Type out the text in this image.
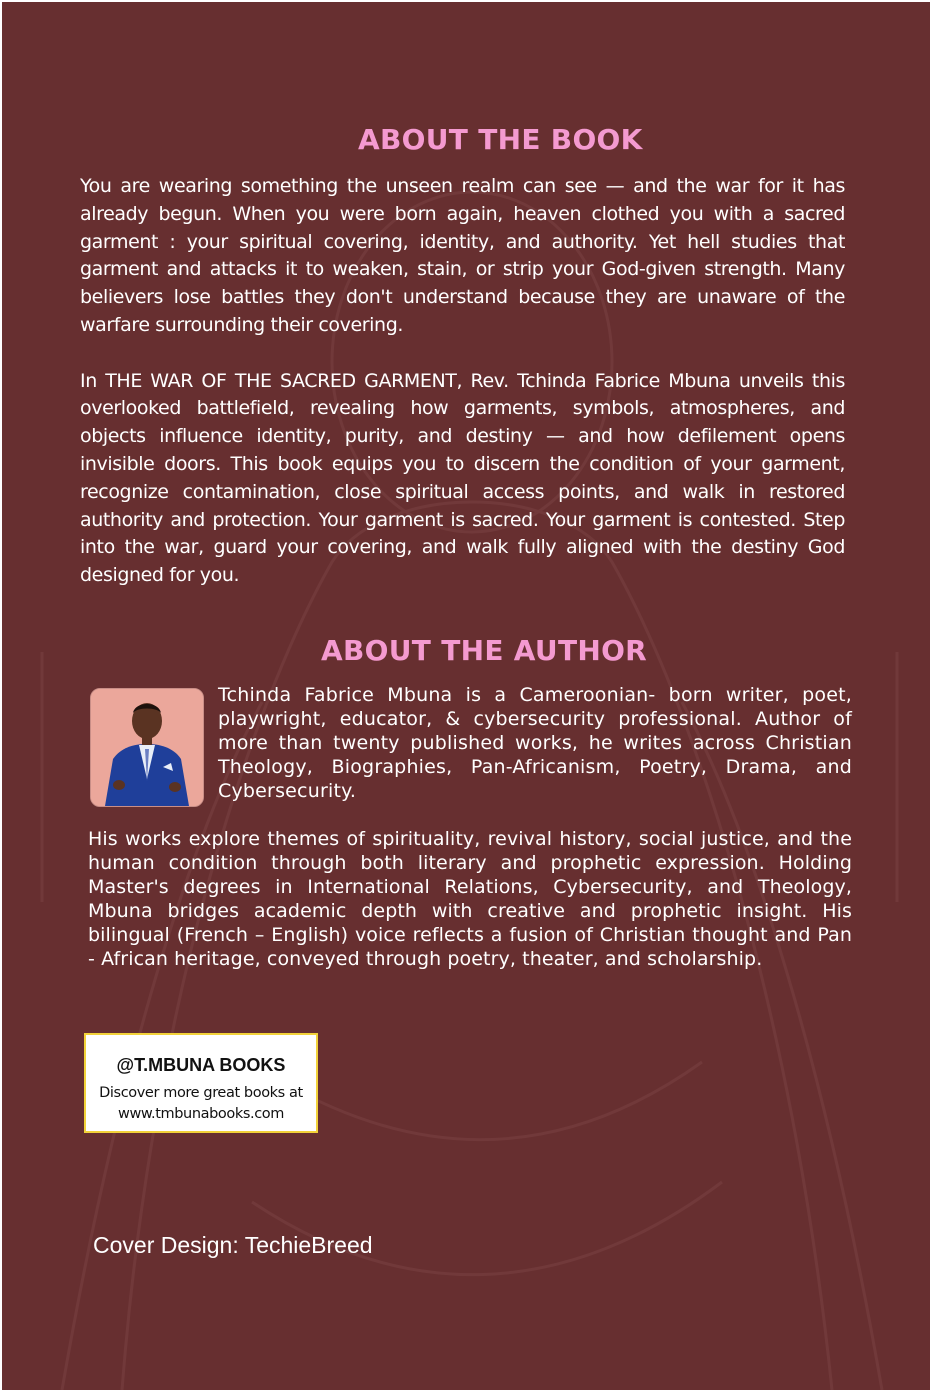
ABOUT THE BOOK

You are wearing something the unseen realm can see — and the war for it has already begun. When you were born again, heaven clothed you with a sacred garment : your spiritual covering, identity, and authority. Yet hell studies that garment and attacks it to weaken, stain, or strip your God-given strength. Many believers lose battles they don't understand because they are unaware of the warfare surrounding their covering.

In THE WAR OF THE SACRED GARMENT, Rev. Tchinda Fabrice Mbuna unveils this overlooked battlefield, revealing how garments, symbols, atmospheres, and objects influence identity, purity, and destiny — and how defilement opens invisible doors. This book equips you to discern the condition of your garment, recognize contamination, close spiritual access points, and walk in restored authority and protection. Your garment is sacred. Your garment is contested. Step into the war, guard your covering, and walk fully aligned with the destiny God designed for you.

ABOUT THE AUTHOR
Tchinda Fabrice Mbuna is a Cameroonian- born writer, poet, playwright, educator, & cybersecurity professional. Author of more than twenty published works, he writes across Christian Theology, Biographies, Pan-Africanism, Poetry, Drama, and Cybersecurity.
His works explore themes of spirituality, revival history, social justice, and the human condition through both literary and prophetic expression. Holding Master's degrees in International Relations, Cybersecurity, and Theology, Mbuna bridges academic depth with creative and prophetic insight. His bilingual (French – English) voice reflects a fusion of Christian thought and Pan - African heritage, conveyed through poetry, theater, and scholarship.
@T.MBUNA BOOKS
Discover more great books at
www.tmbunabooks.com
Cover Design: TechieBreed
